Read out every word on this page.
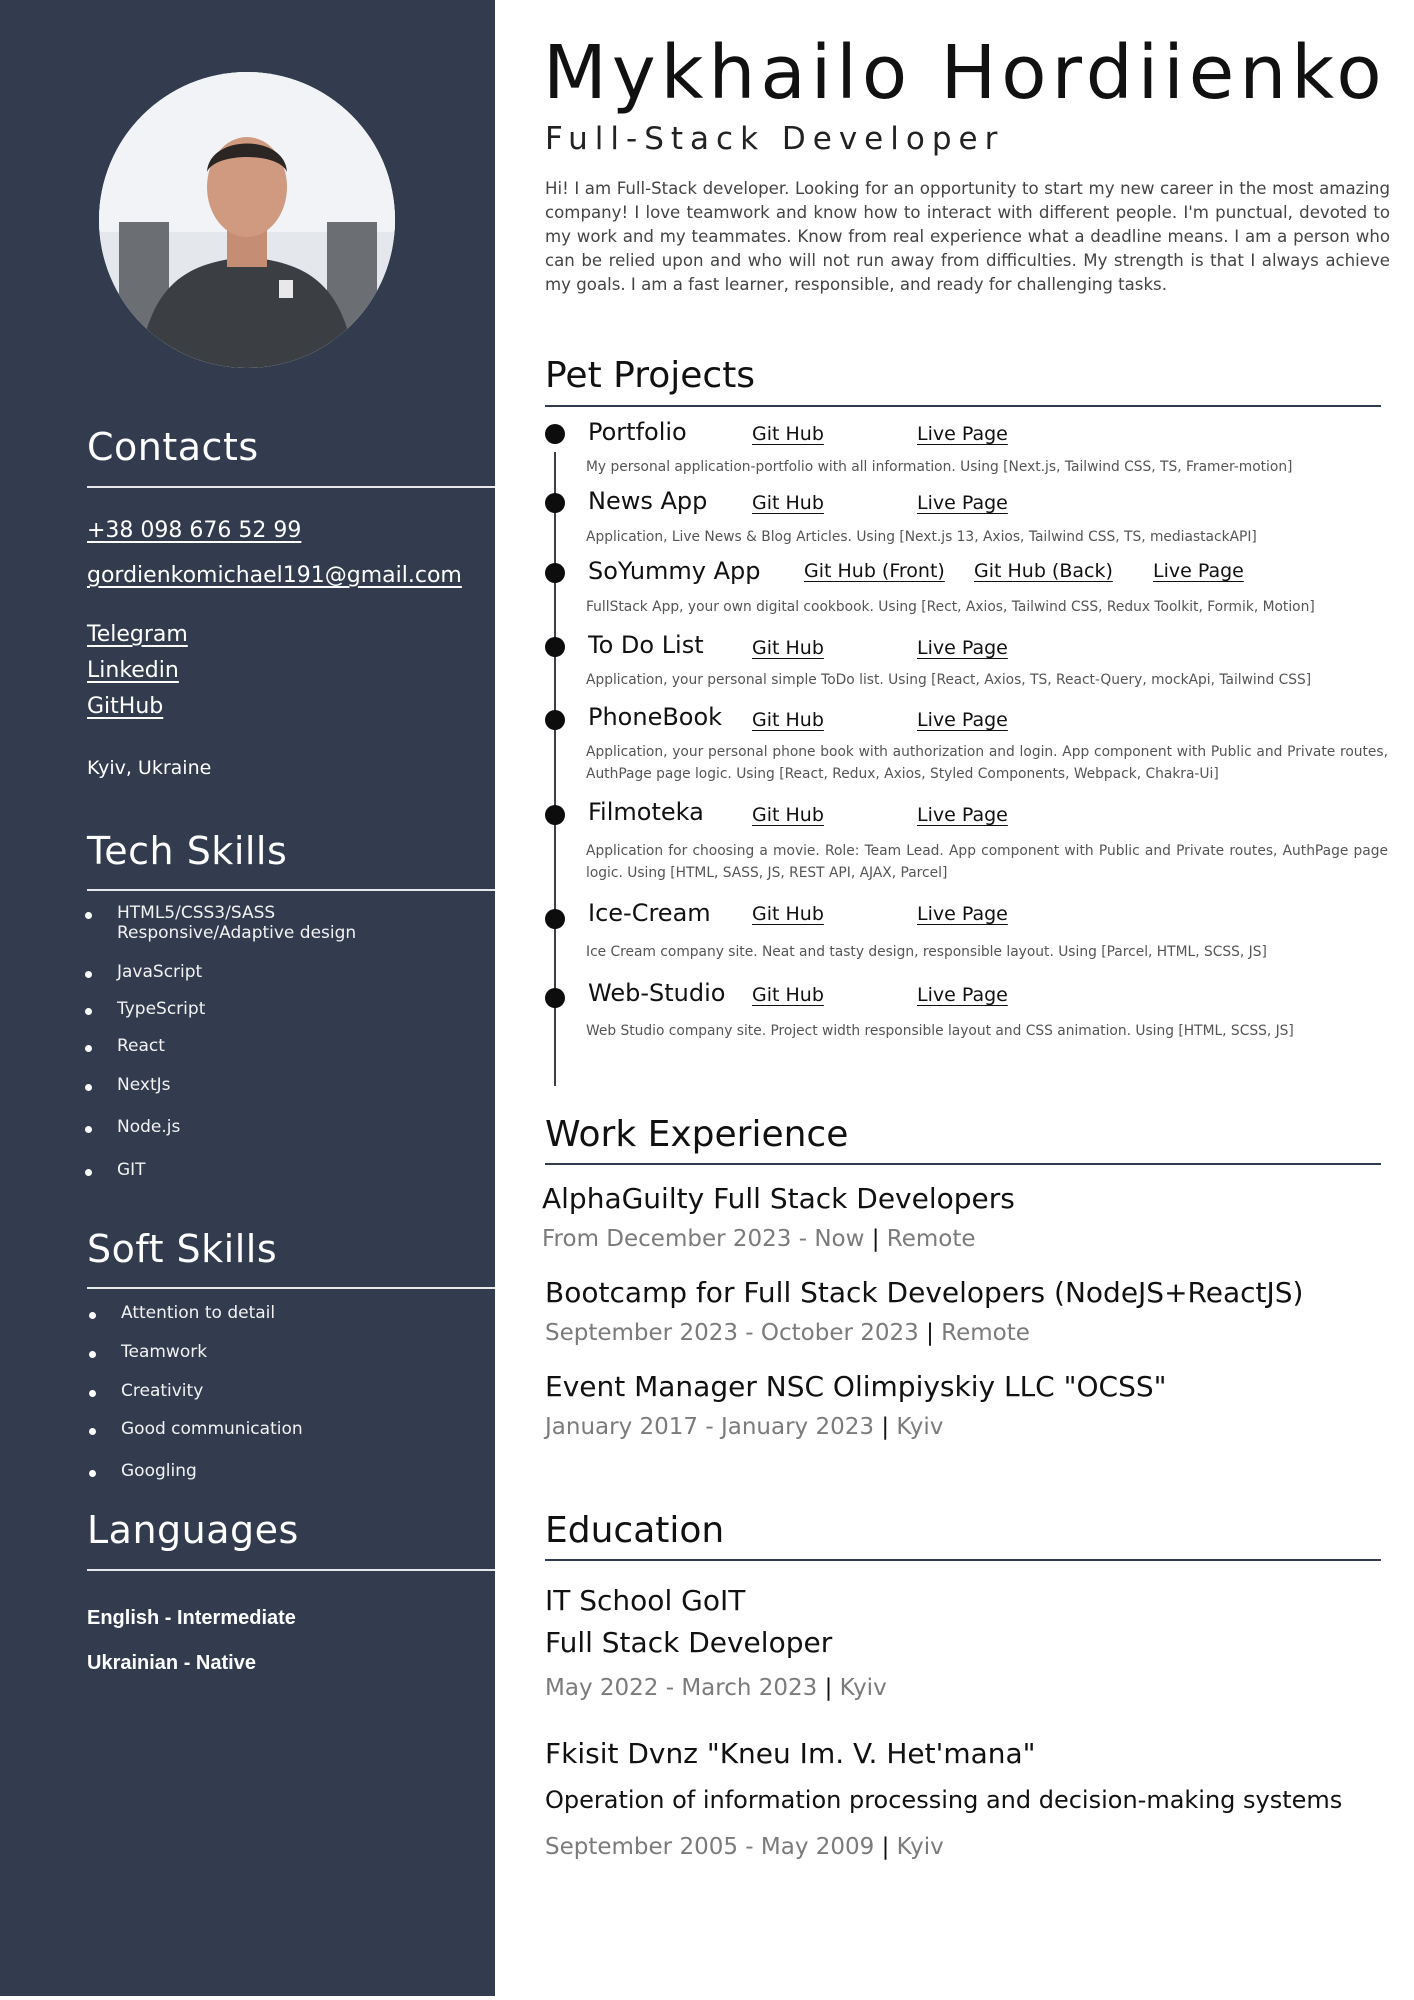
Contacts
+38 098 676 52 99
gordienkomichael191@gmail.com
Telegram
Linkedin
GitHub
Kyiv, Ukraine
Tech Skills
HTML5/CSS3/SASS
Responsive/Adaptive design
JavaScript
TypeScript
React
NextJs
Node.js
GIT
Soft Skills
Attention to detail
Teamwork
Creativity
Good communication
Googling
Languages
English - Intermediate
Ukrainian - Native
Mykhailo Hordiienko
Full-Stack Developer
Hi! I am Full-Stack developer. Looking for an opportunity to start my new career in the most amazing company! I love teamwork and know how to interact with different people. I'm punctual, devoted to my work and my teammates. Know from real experience what a deadline means. I am a person who can be relied upon and who will not run away from difficulties. My strength is that I always achieve my goals. I am a fast learner, responsible, and ready for challenging tasks.
Pet Projects
Portfolio	Git Hub	Live Page
My personal application-portfolio with all information. Using [Next.js, Tailwind CSS, TS, Framer-motion]
News App Git Hub	Live Page
Application, Live News & Blog Articles. Using [Next.js 13, Axios, Tailwind CSS, TS, mediastackAPI]
SoYummy App Git Hub (Front) Git Hub (Back) Live Page
FullStack App, your own digital cookbook. Using [Rect, Axios, Tailwind CSS, Redux Toolkit, Formik, Motion]
To Do List	Git Hub	Live Page
Application, your personal simple ToDo list. Using [React, Axios, TS, React-Query, mockApi, Tailwind CSS]
PhoneBook Git Hub	Live Page
Application, your personal phone book with authorization and login. App component with Public and Private routes, AuthPage page logic. Using [React, Redux, Axios, Styled Components, Webpack, Chakra-Ui]
Filmoteka	Git Hub	Live Page
Application for choosing a movie. Role: Team Lead. App component with Public and Private routes, AuthPage page logic. Using [HTML, SASS, JS, REST API, AJAX, Parcel]
Ice-Cream Git Hub	Live Page
Ice Cream company site. Neat and tasty design, responsible layout. Using [Parcel, HTML, SCSS, JS]
Web-Studio Git Hub	Live Page
Web Studio company site. Project width responsible layout and CSS animation. Using [HTML, SCSS, JS]
Work Experience
AlphaGuilty Full Stack Developers
From December 2023 - Now | Remote
Bootcamp for Full Stack Developers (NodeJS+ReactJS)
September 2023 - October 2023 | Remote
Event Manager NSC Olimpiyskiy LLC "OCSS"
January 2017 - January 2023 | Kyiv
Education
IT School GoIT
Full Stack Developer
May 2022 - March 2023 | Kyiv
Fkisit Dvnz "Kneu Im. V. Het'mana"
Operation of information processing and decision-making systems
September 2005 - May 2009 | Kyiv
